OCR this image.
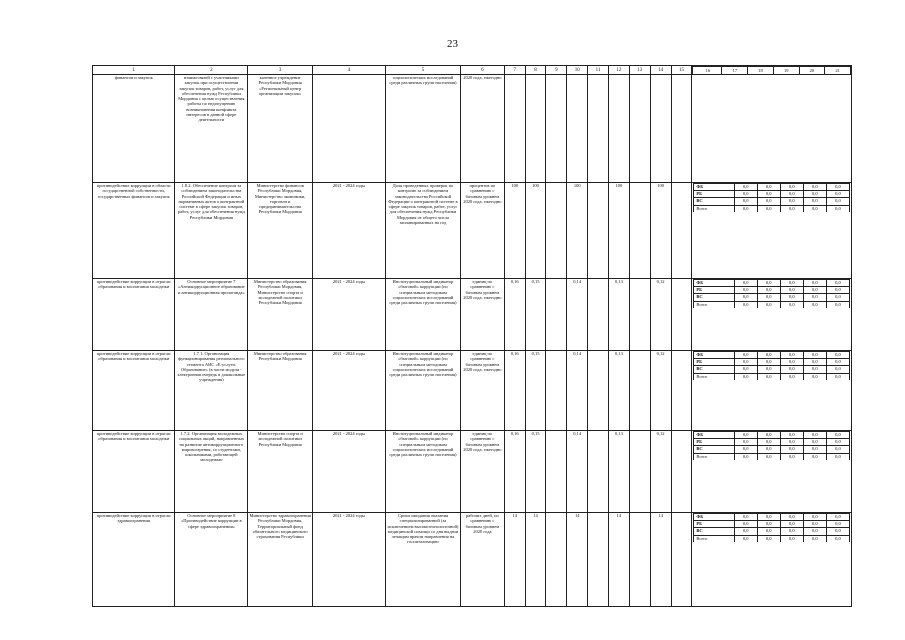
23
1	2	3	4	5	6	7	8	9	10	11	12	13	14	15		16	17	18	19	20	21

финансов и закупок	взаимосвязей с участниками закупок при осуществлении закупок товаров, работ, услуг для обеспечения нужд Республики Мордовия с целью осуществления работы по недопущению возникновения конфликта интересов в данной сфере деятельности	казенное учреждение Республики Мордовия «Региональный центр организации закупок»		социологических исследований среди различных групп населения)	2020 года, ежегодно										
противодействие коррупции в области государственной собственности, государственных финансов и закупок	1.8.2. Обеспечение контроля за соблюдением законодательства Российской Федерации и иных нормативных актов о контрактной системе в сфере закупок товаров, работ, услуг для обеспечения нужд Республики Мордовия	Министерство финансов Республики Мордовия, Министерство экономики, торговли и предпринимательства Республики Мордовия	2021 - 2024 годы	Доля проведенных проверок по контролю за соблюдением законодательства Российской Федерации о контрактной системе в сфере закупок товаров, работ, услуг для обеспечения нужд Республики Мордовия от общего числа запланированных на год	процентов по сравнению с базовым уровнем 2020 года, ежегодно	100	100		100		100		100			ФБ	0,0	0,0	0,0	0,0	0,0
РБ	0,0	0,0	0,0	0,0	0,0
ВС	0,0	0,0	0,0	0,0	0,0
Всего	0,0	0,0	0,0	0,0	0,0

противодействие коррупции в отрасли образования и воспитания молодежи	Основное мероприятие 7 «Антикоррупционное образование и антикоррупционная пропаганда»	Министерство образования Республики Мордовия, Министерство спорта и молодежной политики Республики Мордовия	2021 - 2024 годы	Институциональный индикатор «бытовой» коррупции (по специальным методикам социологических исследований среди различных групп населения)	единиц по сравнению с базовым уровнем 2020 года, ежегодно	0,16	0,15		0,14		0,13		0,12			ФБ	0,0	0,0	0,0	0,0	0,0
РБ	0,0	0,0	0,0	0,0	0,0
ВС	0,0	0,0	0,0	0,0	0,0
Всего	0,0	0,0	0,0	0,0	0,0

противодействие коррупции в отрасли образования и воспитания молодежи	1.7.1. Организация функционирования регионального сегмента АИС «Е-услуги. Образование» (в части модуля - электронная очередь в дошкольные учреждения)	Министерство образования Республики Мордовия	2021 - 2024 годы	Институциональный индикатор «бытовой» коррупции (по специальным методикам социологических исследований среди различных групп населения)	единиц по сравнению с базовым уровнем 2020 года, ежегодно	0,16	0,15		0,14		0,13		0,12			ФБ	0,0	0,0	0,0	0,0	0,0
РБ	0,0	0,0	0,0	0,0	0,0
ВС	0,0	0,0	0,0	0,0	0,0
Всего	0,0	0,0	0,0	0,0	0,0

противодействие коррупции в отрасли образования и воспитания молодежи	1.7.2. Организация молодежных социальных акций, направленных на развитие антикоррупционного мировоззрения, со студентами, школьниками, работающей молодежью	Министерство спорта и молодежной политики Республики Мордовия	2021 - 2024 годы	Институциональный индикатор «бытовой» коррупции (по специальным методикам социологических исследований среди различных групп населения)	единиц по сравнению с базовым уровнем 2020 года, ежегодно	0,16	0,15		0,14		0,13		0,12			ФБ	0,0	0,0	0,0	0,0	0,0
РБ	0,0	0,0	0,0	0,0	0,0
ВС	0,0	0,0	0,0	0,0	0,0
Всего	0,0	0,0	0,0	0,0	0,0

противодействие коррупции в отрасли здравоохранения	Основное мероприятие 8 «Противодействие коррупции в сфере здравоохранения»	Министерство здравоохранения Республики Мордовия, Территориальный фонд обязательного медицинского страхования Республики	2021 - 2024 годы	Сроки ожидания оказания специализированной (за исключением высокотехнологичной) медицинской помощи со дня выдачи лечащим врачом направления на госпитализацию	рабочих дней, по сравнению с базовым уровнем 2020 года	14	14		14		14		14			ФБ	0,0	0,0	0,0	0,0	0,0
РБ	0,0	0,0	0,0	0,0	0,0
ВС	0,0	0,0	0,0	0,0	0,0
Всего	0,0	0,0	0,0	0,0	0,0
